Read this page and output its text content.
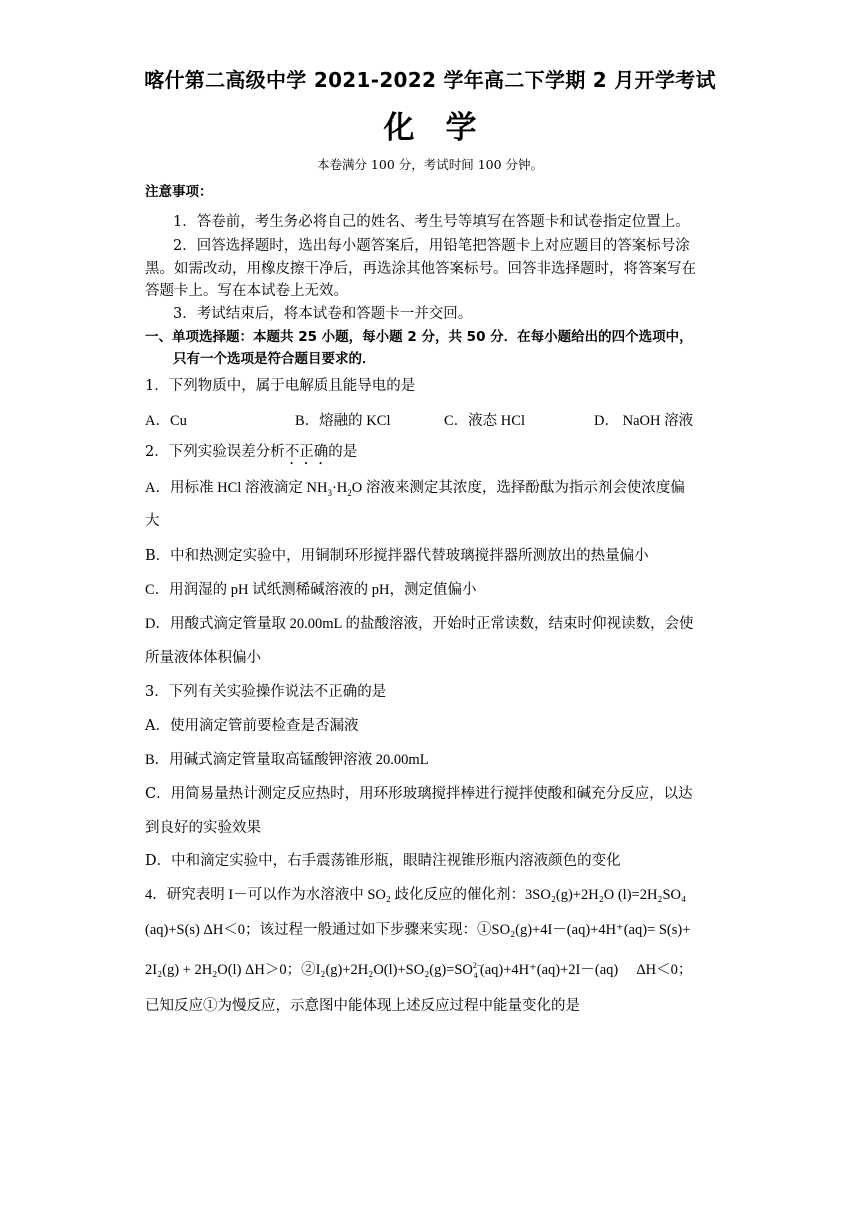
喀什第二高级中学 2021-2022 学年高二下学期 2 月开学考试
化　学
本卷满分 100 分，考试时间 100 分钟。
注意事项：
1．答卷前，考生务必将自己的姓名、考生号等填写在答题卡和试卷指定位置上。
2．回答选择题时，选出每小题答案后，用铅笔把答题卡上对应题目的答案标号涂
黑。如需改动，用橡皮擦干净后，再选涂其他答案标号。回答非选择题时，将答案写在
答题卡上。写在本试卷上无效。
3．考试结束后，将本试卷和答题卡一并交回。
一、单项选择题：本题共 25 小题，每小题 2 分，共 50 分．在每小题给出的四个选项中，
只有一个选项是符合题目要求的．
1．下列物质中，属于电解质且能导电的是
A．Cu	B．熔融的 KCl	C．液态 HCl	D． NaOH 溶液
2．下列实验误差分析不正确的是
A．用标准 HCl 溶液滴定 $NH_3\cdot H_2O$ 溶液来测定其浓度，选择酚酞为指示剂会使浓度偏
大
B．中和热测定实验中，用铜制环形搅拌器代替玻璃搅拌器所测放出的热量偏小
C．用润湿的 pH 试纸测稀碱溶液的 pH，测定值偏小
D．用酸式滴定管量取 20.00mL 的盐酸溶液，开始时正常读数，结束时仰视读数，会使
所量液体体积偏小
3．下列有关实验操作说法不正确的是
A．使用滴定管前要检查是否漏液
B．用碱式滴定管量取高锰酸钾溶液 20.00mL
C．用简易量热计测定反应热时，用环形玻璃搅拌棒进行搅拌使酸和碱充分反应，以达
到良好的实验效果
D．中和滴定实验中，右手震荡锥形瓶，眼睛注视锥形瓶内溶液颜色的变化
4．研究表明 I－可以作为水溶液中 SO₂ 歧化反应的催化剂：3SO₂(g)+2H₂O (l)=2H₂SO₄
(aq)+S(s) ΔH＜0；该过程一般通过如下步骤来实现：①SO₂(g)+4I－(aq)+4H⁺(aq)= S(s)+
2I₂(g) + 2H₂O(l) ΔH＞0；②I₂(g)+2H₂O(l)+SO₂(g)=SO 2−
4 (aq)+4H⁺(aq)+2I－(aq)　 ΔH＜0；
已知反应①为慢反应，示意图中能体现上述反应过程中能量变化的是
